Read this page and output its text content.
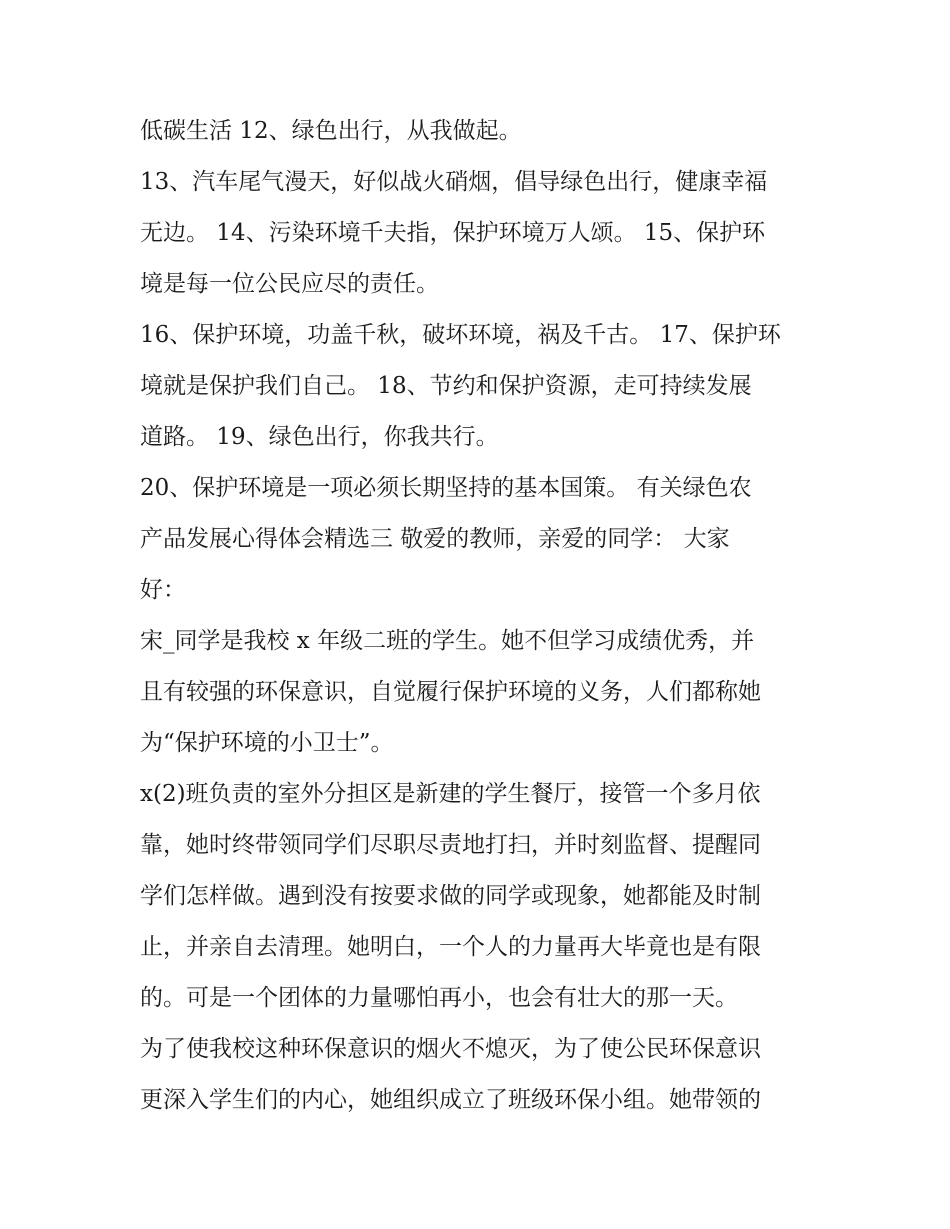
低碳生活 12、绿色出行，从我做起。
13、汽车尾气漫天，好似战火硝烟，倡导绿色出行，健康幸福
无边。 14、污染环境千夫指，保护环境万人颂。 15、保护环
境是每一位公民应尽的责任。
16、保护环境，功盖千秋，破坏环境，祸及千古。 17、保护环
境就是保护我们自己。 18、节约和保护资源，走可持续发展
道路。 19、绿色出行，你我共行。
20、保护环境是一项必须长期坚持的基本国策。 有关绿色农
产品发展心得体会精选三 敬爱的教师，亲爱的同学： 大家
好：
宋_同学是我校 x 年级二班的学生。她不但学习成绩优秀，并
且有较强的环保意识，自觉履行保护环境的义务，人们都称她
为“保护环境的小卫士”。
x(2)班负责的室外分担区是新建的学生餐厅，接管一个多月依
靠，她时终带领同学们尽职尽责地打扫，并时刻监督、提醒同
学们怎样做。遇到没有按要求做的同学或现象，她都能及时制
止，并亲自去清理。她明白，一个人的力量再大毕竟也是有限
的。可是一个团体的力量哪怕再小，也会有壮大的那一天。
为了使我校这种环保意识的烟火不熄灭，为了使公民环保意识
更深入学生们的内心，她组织成立了班级环保小组。她带领的
